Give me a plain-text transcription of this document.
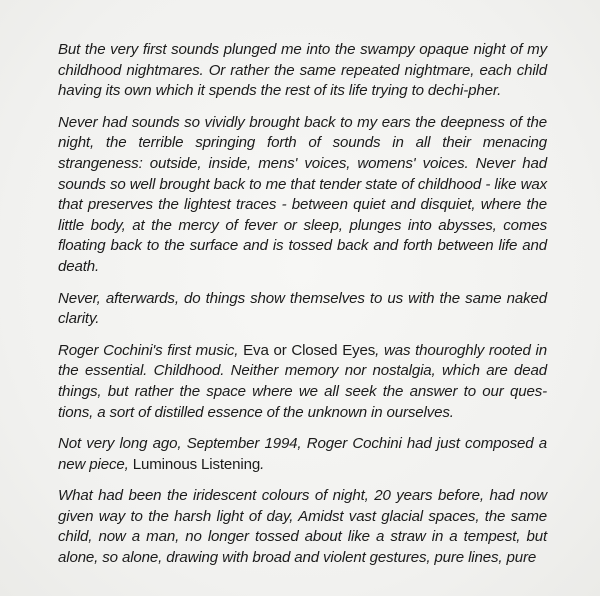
But the very first sounds plunged me into the swampy opaque night of my childhood nightmares. Or rather the same repeated nightmare, each child having its own which it spends the rest of its life trying to dechi-pher.

Never had sounds so vividly brought back to my ears the deepness of the night, the terrible springing forth of sounds in all their menacing strangeness: outside, inside, mens' voices, womens' voices. Never had sounds so well brought back to me that tender state of childhood - like wax that preserves the lightest traces - between quiet and disquiet, where the little body, at the mercy of fever or sleep, plunges into abysses, comes floating back to the surface and is tossed back and forth between life and death.

Never, afterwards, do things show themselves to us with the same naked clarity.

Roger Cochini's first music, Eva or Closed Eyes, was thouroghly rooted in the essential. Childhood. Neither memory nor nostalgia, which are dead things, but rather the space where we all seek the answer to our ques-tions, a sort of distilled essence of the unknown in ourselves.

Not very long ago, September 1994, Roger Cochini had just composed a new piece, Luminous Listening.

What had been the iridescent colours of night, 20 years before, had now given way to the harsh light of day, Amidst vast glacial spaces, the same child, now a man, no longer tossed about like a straw in a tempest, but alone, so alone, drawing with broad and violent gestures, pure lines, pure
